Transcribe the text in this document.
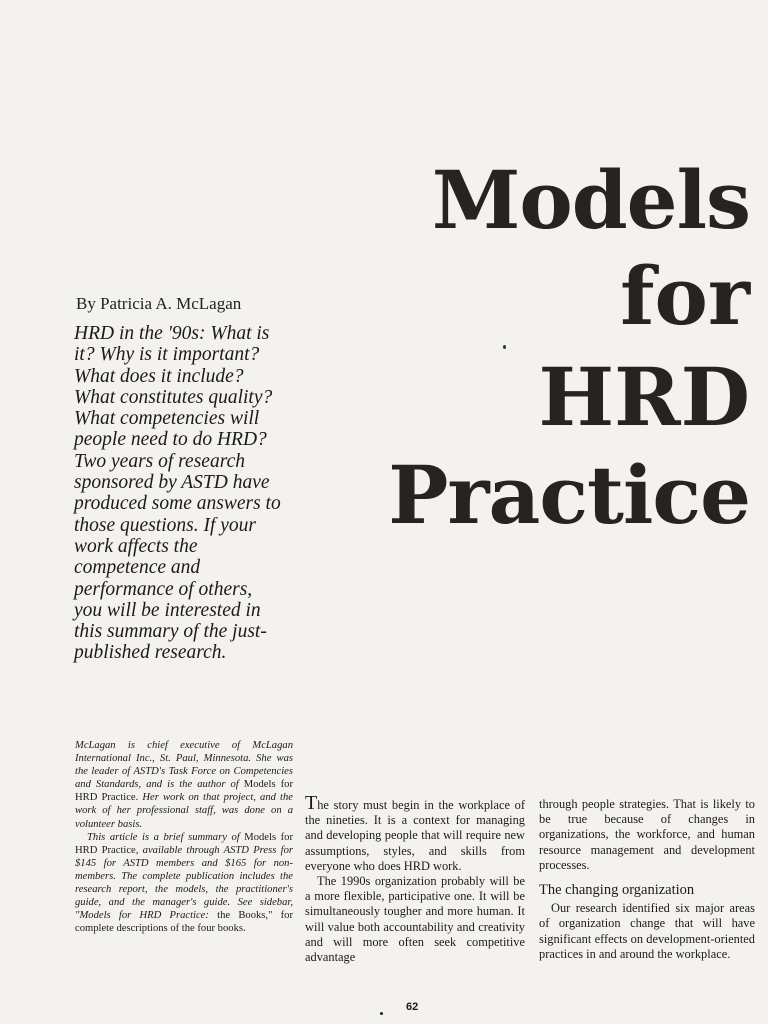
Models
for
HRD
Practice
By Patricia A. McLagan

HRD in the '90s: What is it? Why is it important? What does it include? What constitutes quality? What competencies will people need to do HRD? Two years of research sponsored by ASTD have produced some answers to those questions. If your work affects the competence and performance of others, you will be interested in this summary of the just-published research.

McLagan is chief executive of McLagan International Inc., St. Paul, Minnesota. She was the leader of ASTD's Task Force on Competencies and Standards, and is the author of Models for HRD Practice. Her work on that project, and the work of her professional staff, was done on a volunteer basis.

This article is a brief summary of Models for HRD Practice, available through ASTD Press for $145 for ASTD members and $165 for non-members. The complete publication includes the research report, the models, the practitioner's guide, and the manager's guide. See sidebar, "Models for HRD Practice: the Books," for complete descriptions of the four books.

The story must begin in the workplace of the nineties. It is a context for managing and developing people that will require new assumptions, styles, and skills from everyone who does HRD work.

The 1990s organization probably will be a more flexible, participative one. It will be simultaneously tougher and more human. It will value both accountability and creativity and will more often seek competitive advantage

through people strategies. That is likely to be true because of changes in organizations, the workforce, and human resource management and development processes.

The changing organization

Our research identified six major areas of organization change that will have significant effects on development-oriented practices in and around the workplace.

62
